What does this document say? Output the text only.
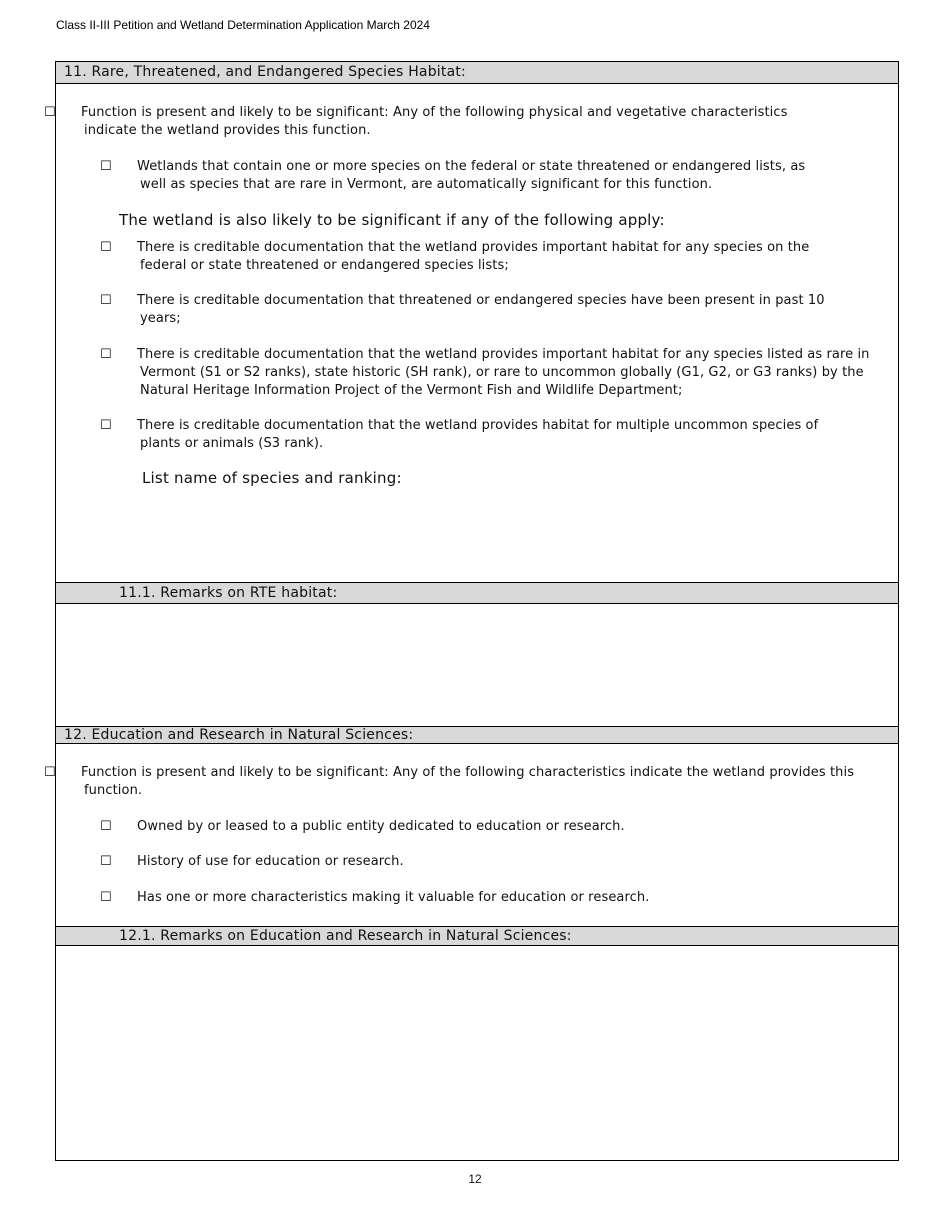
Class II-III Petition and Wetland Determination Application March 2024
11. Rare, Threatened, and Endangered Species Habitat:
☐ Function is present and likely to be significant: Any of the following physical and vegetative characteristics indicate the wetland provides this function.
☐ Wetlands that contain one or more species on the federal or state threatened or endangered lists, as well as species that are rare in Vermont, are automatically significant for this function.
The wetland is also likely to be significant if any of the following apply:
☐ There is creditable documentation that the wetland provides important habitat for any species on the federal or state threatened or endangered species lists;
☐ There is creditable documentation that threatened or endangered species have been present in past 10 years;
☐ There is creditable documentation that the wetland provides important habitat for any species listed as rare in Vermont (S1 or S2 ranks), state historic (SH rank), or rare to uncommon globally (G1, G2, or G3 ranks) by the Natural Heritage Information Project of the Vermont Fish and Wildlife Department;
☐ There is creditable documentation that the wetland provides habitat for multiple uncommon species of plants or animals (S3 rank).
List name of species and ranking:
11.1. Remarks on RTE habitat:
12. Education and Research in Natural Sciences:
☐ Function is present and likely to be significant: Any of the following characteristics indicate the wetland provides this function.
☐ Owned by or leased to a public entity dedicated to education or research.
☐ History of use for education or research.
☐ Has one or more characteristics making it valuable for education or research.
12.1. Remarks on Education and Research in Natural Sciences:
12
